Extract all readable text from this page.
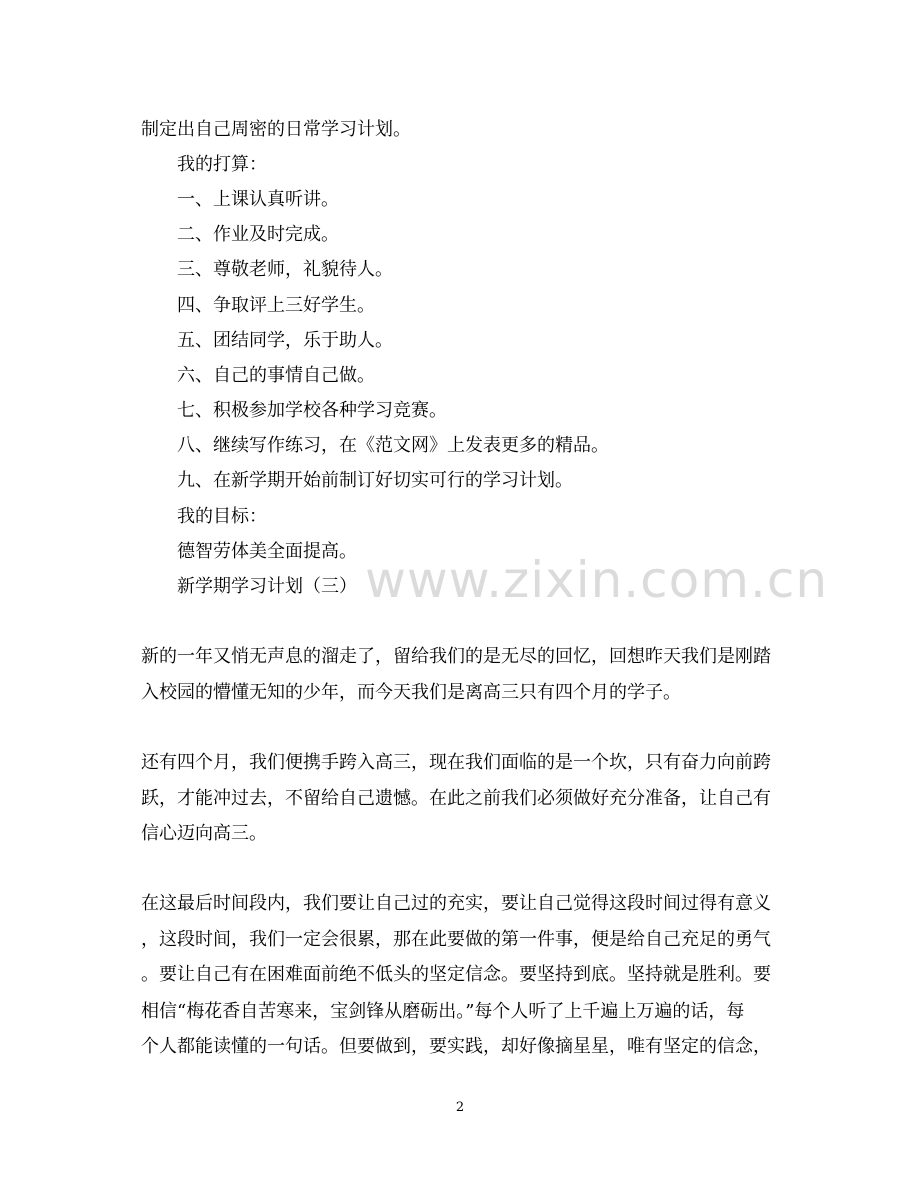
制定出自己周密的日常学习计划。
我的打算：
一、上课认真听讲。
二、作业及时完成。
三、尊敬老师，礼貌待人。
四、争取评上三好学生。
五、团结同学，乐于助人。
六、自己的事情自己做。
七、积极参加学校各种学习竞赛。
八、继续写作练习，在《范文网》上发表更多的精品。
九、在新学期开始前制订好切实可行的学习计划。
我的目标：
德智劳体美全面提高。
新学期学习计划（三）
新的一年又悄无声息的溜走了，留给我们的是无尽的回忆，回想昨天我们是刚踏
入校园的懵懂无知的少年，而今天我们是离高三只有四个月的学子。
还有四个月，我们便携手跨入高三，现在我们面临的是一个坎，只有奋力向前跨
跃，才能冲过去，不留给自己遗憾。在此之前我们必须做好充分准备，让自己有
信心迈向高三。
在这最后时间段内，我们要让自己过的充实，要让自己觉得这段时间过得有意义
，这段时间，我们一定会很累，那在此要做的第一件事，便是给自己充足的勇气
。要让自己有在困难面前绝不低头的坚定信念。要坚持到底。坚持就是胜利。要
相信“梅花香自苦寒来，宝剑锋从磨砺出。”每个人听了上千遍上万遍的话，每
个人都能读懂的一句话。但要做到，要实践，却好像摘星星，唯有坚定的信念，
www.zixin.com.cn
2
